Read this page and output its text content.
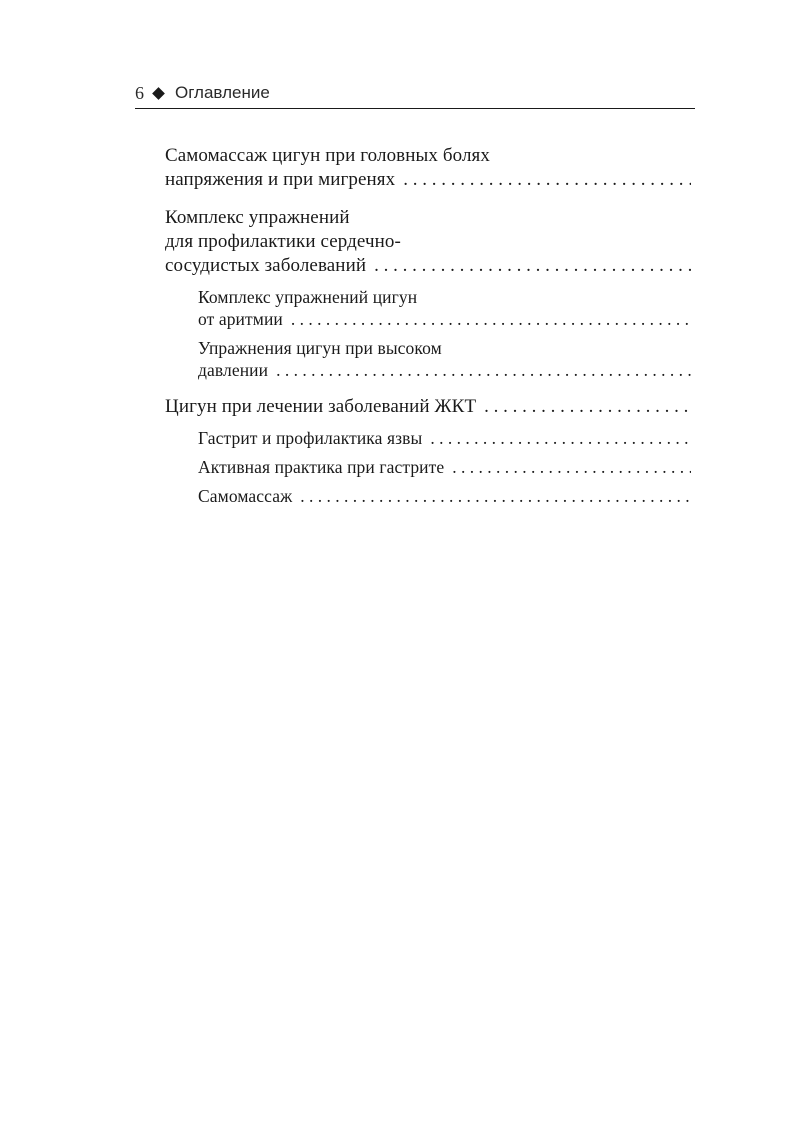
6 Оглавление
Самомассаж цигун при головных болях
напряжения и при мигренях
. . .
Комплекс упражнений
для профилактики сердечно-
сосудистых заболеваний
. . .
Комплекс упражнений цигун
от аритмии
. . .
Упражнения цигун при высоком
давлении
. . .
Цигун при лечении заболеваний ЖКТ
. . .
Гастрит и профилактика язвы
. . .
Активная практика при гастрите
. . .
Самомассаж
. . .
